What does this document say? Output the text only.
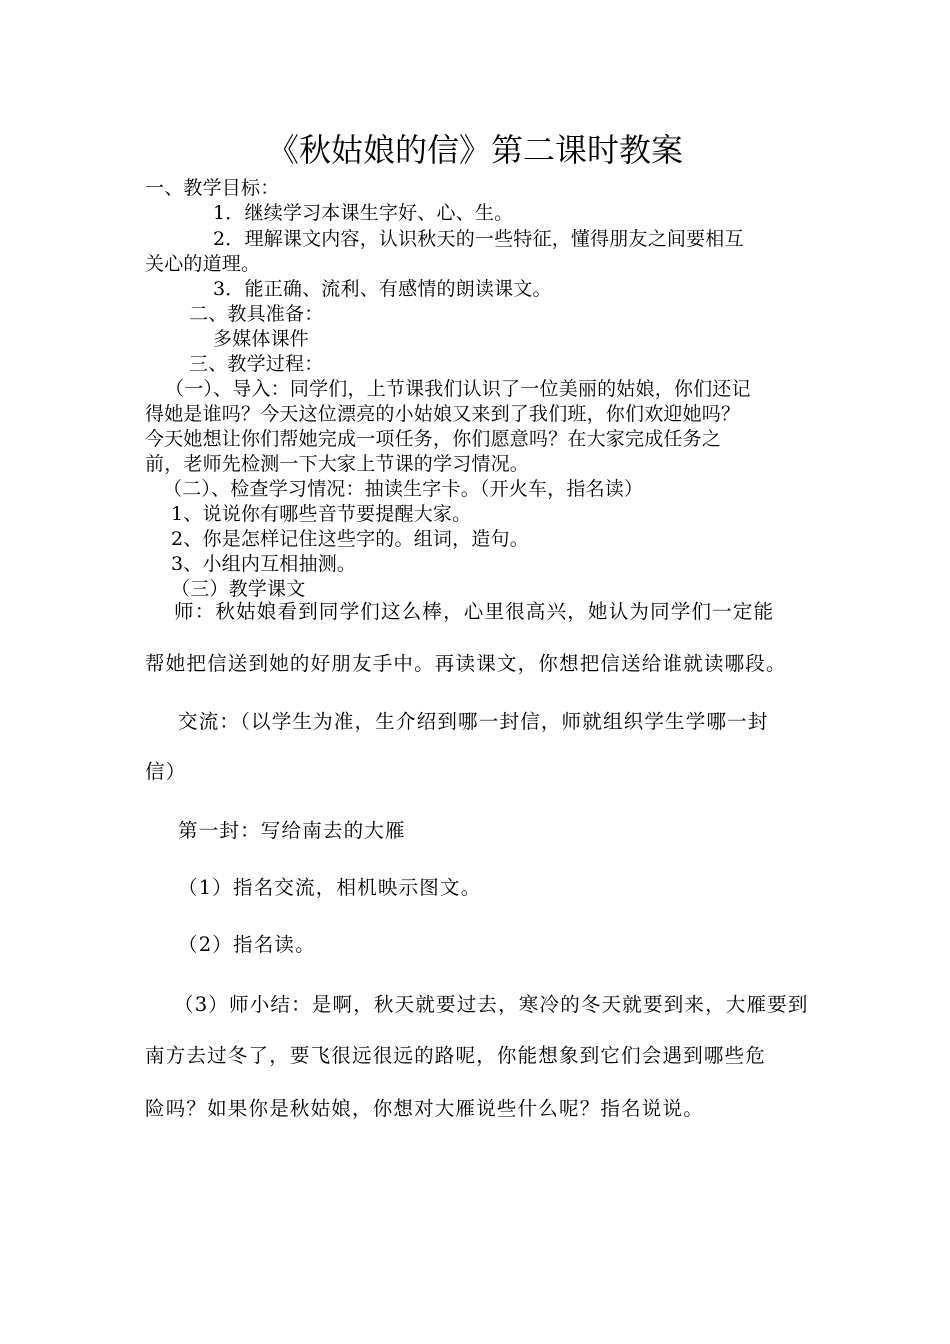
《秋姑娘的信》第二课时教案
一、教学目标：
1．继续学习本课生字好、心、生。
2．理解课文内容，认识秋天的一些特征，懂得朋友之间要相互
关心的道理。
3．能正确、流利、有感情的朗读课文。
二、教具准备：
多媒体课件
三、教学过程：
（一）、导入：同学们，上节课我们认识了一位美丽的姑娘，你们还记
得她是谁吗？今天这位漂亮的小姑娘又来到了我们班，你们欢迎她吗？
今天她想让你们帮她完成一项任务，你们愿意吗？在大家完成任务之
前，老师先检测一下大家上节课的学习情况。
（二）、检查学习情况：抽读生字卡。（开火车，指名读）
1、说说你有哪些音节要提醒大家。
2、你是怎样记住这些字的。组词，造句。
3、小组内互相抽测。
（三）教学课文
师：秋姑娘看到同学们这么棒，心里很高兴，她认为同学们一定能
帮她把信送到她的好朋友手中。再读课文，你想把信送给谁就读哪段。
交流：（以学生为准，生介绍到哪一封信，师就组织学生学哪一封
信）
第一封：写给南去的大雁
（1）指名交流，相机映示图文。
（2）指名读。
（3）师小结：是啊，秋天就要过去，寒冷的冬天就要到来，大雁要到
南方去过冬了，要飞很远很远的路呢，你能想象到它们会遇到哪些危
险吗？如果你是秋姑娘，你想对大雁说些什么呢？指名说说。
